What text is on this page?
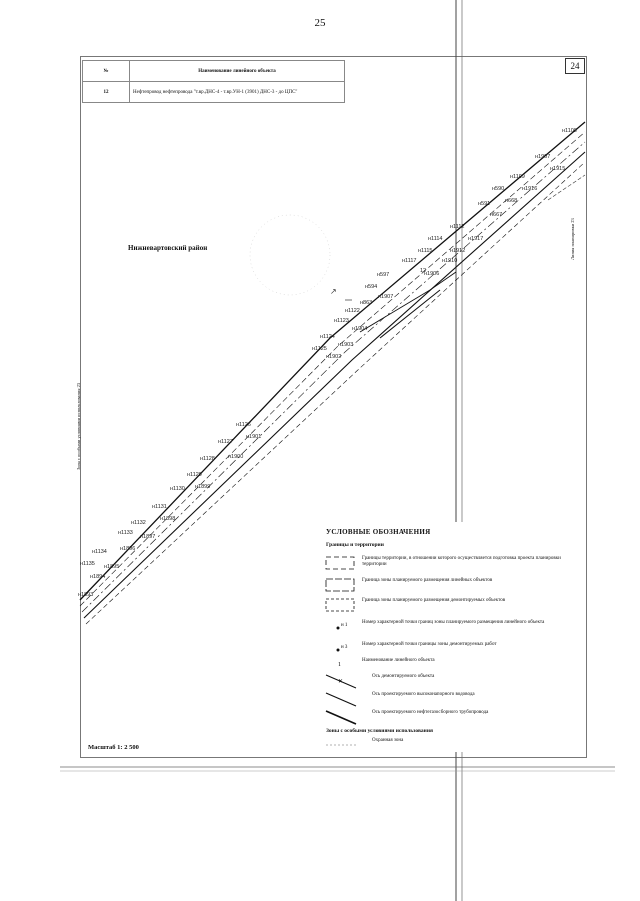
25
№	Наименование линейного объекта
12	Нефтепровод нефтепровода "т.вр.ДНС-4 - т.вр.УН-1 (3901) ДНС-3 - до ЦПС"
24
н1135
н1134
н1133
н1132
н1131
н1130
н1129
н1128
н1127
н1126
н1125
н1124
н1123
н1122
н594
н597
н1117
н1115
н1114
н1112
н591
н590
н1109
н1907
н1108
12
н1893
н1894
н1895
н1896
н1897
н1898
н1899
н1900
н1901
н1902
н1903
н1904
н863
н1907
н1906
н1910
н1912
н1917
н667
н668
н1916
н1915
↗
Нижневартовский район
Зона с особыми условиями использования 23
Линия планировки 23
Масштаб 1: 2 500
УСЛОВНЫЕ ОБОЗНАЧЕНИЯ
Границы и территории
Границы территории, в отношении которого осуществляется подготовка проекта планировки территории
Граница зоны планируемого размещения линейных объектов
Граница зоны планируемого размещения демонтируемых объектов
н 1
Номер характерной точки границ зоны планируемого размещения линейного объекта
н 3
Номер характерной точки границы зоны демонтируемых работ
1
Наименование линейного объекта
✕
Ось демонтируемого объекта
Ось проектируемого высоконапорного водовода
Ось проектируемого нефтегазосборного трубопровода
Зоны с особыми условиями использования
Охранная зона
